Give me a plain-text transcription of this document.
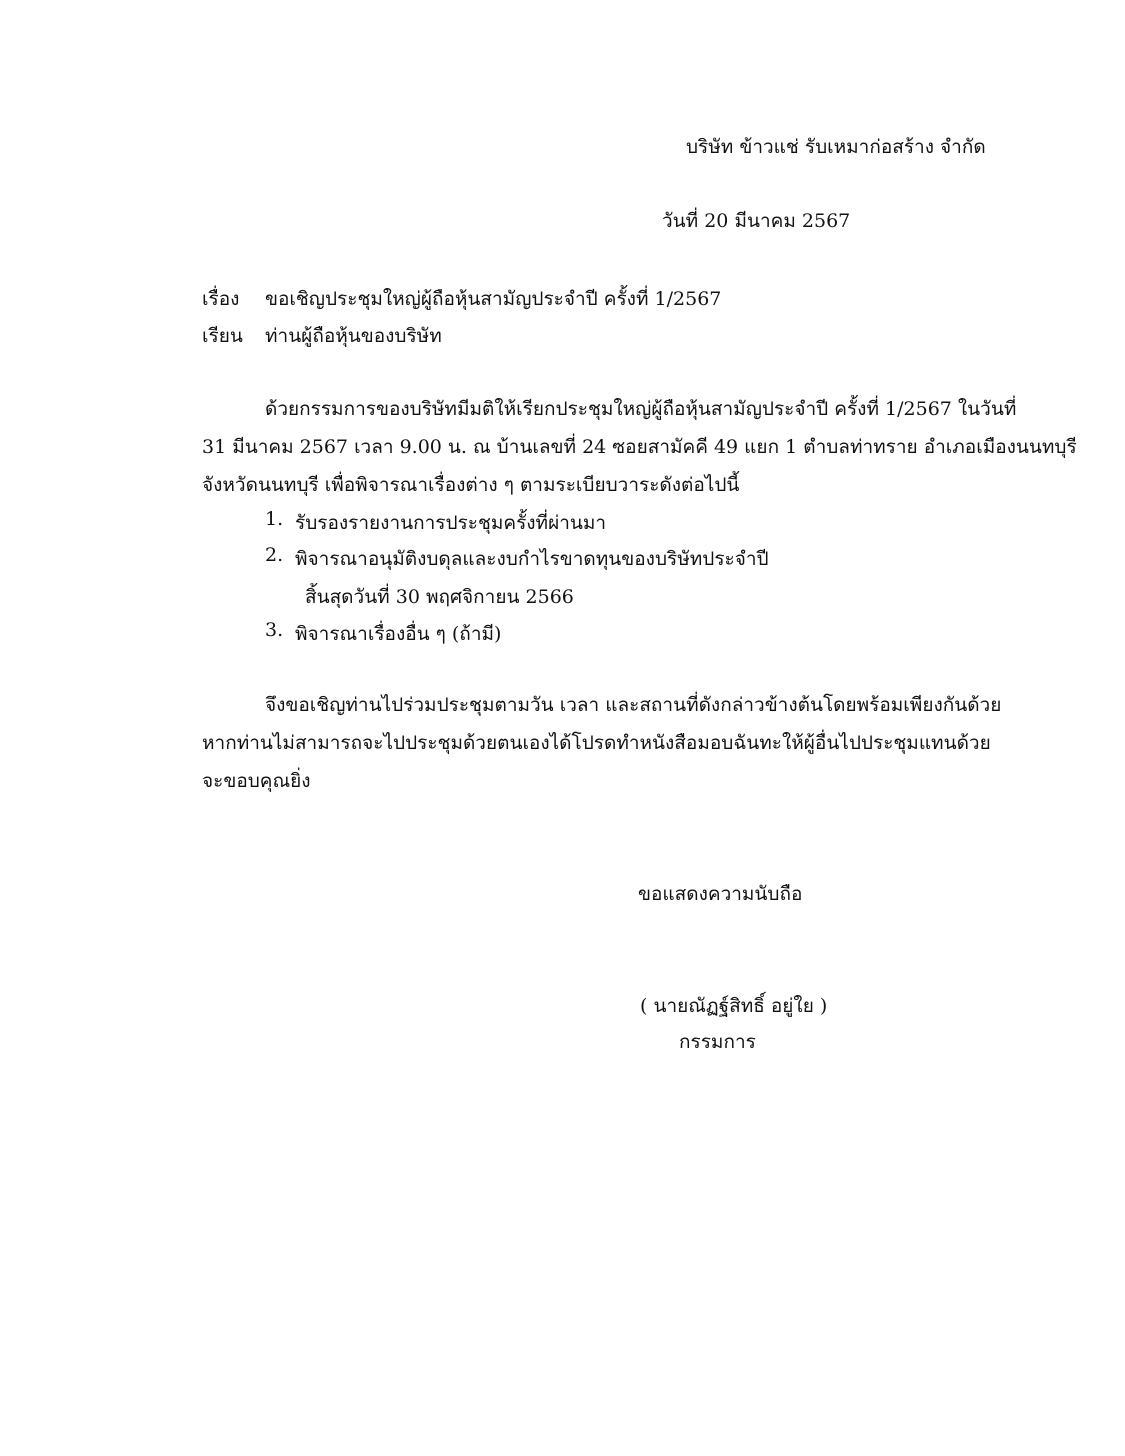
บริษัท ข้าวแช่ รับเหมาก่อสร้าง จำกัด
วันที่ 20 มีนาคม 2567
เรื่อง ขอเชิญประชุมใหญ่ผู้ถือหุ้นสามัญประจำปี ครั้งที่ 1/2567
เรียน ท่านผู้ถือหุ้นของบริษัท
ด้วยกรรมการของบริษัทมีมติให้เรียกประชุมใหญ่ผู้ถือหุ้นสามัญประจำปี ครั้งที่ 1/2567 ในวันที่
31 มีนาคม 2567 เวลา 9.00 น. ณ บ้านเลขที่ 24 ซอยสามัคคี 49 แยก 1 ตำบลท่าทราย อำเภอเมืองนนทบุรี
จังหวัดนนทบุรี เพื่อพิจารณาเรื่องต่าง ๆ ตามระเบียบวาระดังต่อไปนี้
1. รับรองรายงานการประชุมครั้งที่ผ่านมา
2. พิจารณาอนุมัติงบดุลและงบกำไรขาดทุนของบริษัทประจำปี
สิ้นสุดวันที่ 30 พฤศจิกายน 2566
3. พิจารณาเรื่องอื่น ๆ (ถ้ามี)
จึงขอเชิญท่านไปร่วมประชุมตามวัน เวลา และสถานที่ดังกล่าวข้างต้นโดยพร้อมเพียงกันด้วย
หากท่านไม่สามารถจะไปประชุมด้วยตนเองได้โปรดทำหนังสือมอบฉันทะให้ผู้อื่นไปประชุมแทนด้วย
จะขอบคุณยิ่ง
ขอแสดงความนับถือ
( นายณัฏฐ์สิทธิ์ อยู่ใย )
กรรมการ
